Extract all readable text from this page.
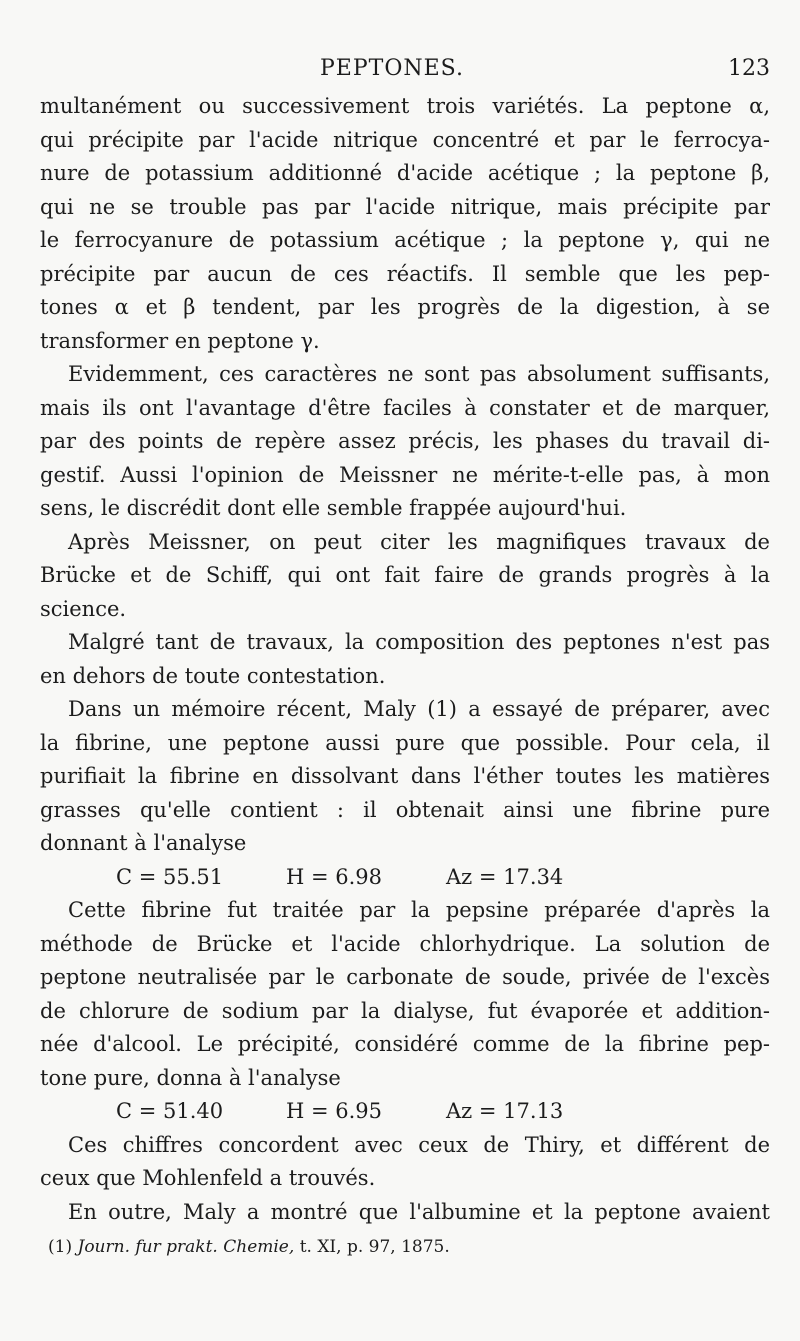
PEPTONES.	123
multanément ou successivement trois variétés. La peptone α,
qui précipite par l'acide nitrique concentré et par le ferrocya-
nure de potassium additionné d'acide acétique ; la peptone β,
qui ne se trouble pas par l'acide nitrique, mais précipite par
le ferrocyanure de potassium acétique ; la peptone γ, qui ne
précipite par aucun de ces réactifs. Il semble que les pep-
tones α et β tendent, par les progrès de la digestion, à se
transformer en peptone γ.
Evidemment, ces caractères ne sont pas absolument suffisants,
mais ils ont l'avantage d'être faciles à constater et de marquer,
par des points de repère assez précis, les phases du travail di-
gestif. Aussi l'opinion de Meissner ne mérite-t-elle pas, à mon
sens, le discrédit dont elle semble frappée aujourd'hui.
Après Meissner, on peut citer les magnifiques travaux de
Brücke et de Schiff, qui ont fait faire de grands progrès à la
science.
Malgré tant de travaux, la composition des peptones n'est pas
en dehors de toute contestation.
Dans un mémoire récent, Maly (1) a essayé de préparer, avec
la fibrine, une peptone aussi pure que possible. Pour cela, il
purifiait la fibrine en dissolvant dans l'éther toutes les matières
grasses qu'elle contient : il obtenait ainsi une fibrine pure
donnant à l'analyse
C = 55.51	H = 6.98	Az = 17.34
Cette fibrine fut traitée par la pepsine préparée d'après la
méthode de Brücke et l'acide chlorhydrique. La solution de
peptone neutralisée par le carbonate de soude, privée de l'excès
de chlorure de sodium par la dialyse, fut évaporée et addition-
née d'alcool. Le précipité, considéré comme de la fibrine pep-
tone pure, donna à l'analyse
C = 51.40	H = 6.95	Az = 17.13
Ces chiffres concordent avec ceux de Thiry, et différent de
ceux que Mohlenfeld a trouvés.
En outre, Maly a montré que l'albumine et la peptone avaient
(1) Journ. fur prakt. Chemie, t. XI, p. 97, 1875.
